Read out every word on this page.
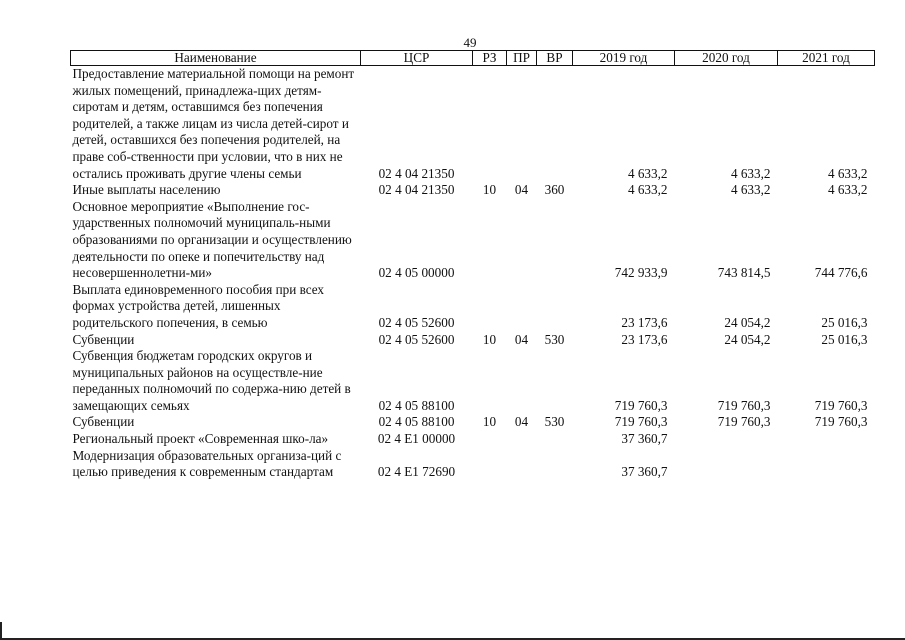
49
Наименование	ЦСР	РЗ	ПР	ВР	2019 год	2020 год	2021 год
Предоставление материальной помощи на ремонт жилых помещений, принадлежа-щих детям-сиротам и детям, оставшимся без попечения родителей, а также лицам из числа детей-сирот и детей, оставшихся без попечения родителей, на праве соб-ственности при условии, что в них не остались проживать другие члены семьи	02 4 04 21350				4 633,2	4 633,2	4 633,2
Иные выплаты населению	02 4 04 21350	10	04	360	4 633,2	4 633,2	4 633,2
Основное мероприятие «Выполнение гос-ударственных полномочий муниципаль-ными образованиями по организации и осуществлению деятельности по опеке и попечительству над несовершеннолетни-ми»	02 4 05 00000				742 933,9	743 814,5	744 776,6
Выплата единовременного пособия при всех формах устройства детей, лишенных родительского попечения, в семью	02 4 05 52600				23 173,6	24 054,2	25 016,3
Субвенции	02 4 05 52600	10	04	530	23 173,6	24 054,2	25 016,3
Субвенция бюджетам городских округов и муниципальных районов на осуществле-ние переданных полномочий по содержа-нию детей в замещающих семьях	02 4 05 88100				719 760,3	719 760,3	719 760,3
Субвенции	02 4 05 88100	10	04	530	719 760,3	719 760,3	719 760,3
Региональный проект «Современная шко-ла»	02 4 E1 00000				37 360,7		
Модернизация образовательных организа-ций с целью приведения к современным стандартам	02 4 E1 72690				37 360,7		
